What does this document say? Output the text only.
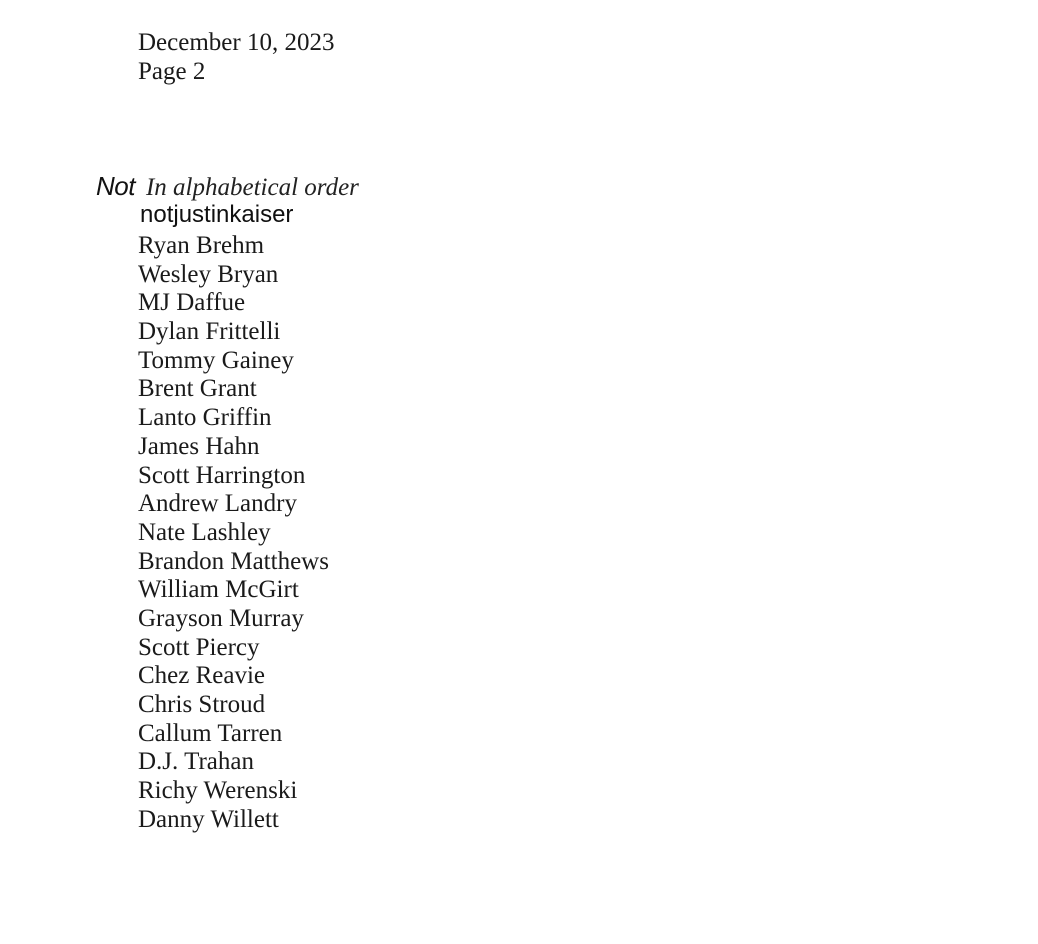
December 10, 2023
Page 2
Not In alphabetical order
notjustinkaiser
Ryan Brehm
Wesley Bryan
MJ Daffue
Dylan Frittelli
Tommy Gainey
Brent Grant
Lanto Griffin
James Hahn
Scott Harrington
Andrew Landry
Nate Lashley
Brandon Matthews
William McGirt
Grayson Murray
Scott Piercy
Chez Reavie
Chris Stroud
Callum Tarren
D.J. Trahan
Richy Werenski
Danny Willett
